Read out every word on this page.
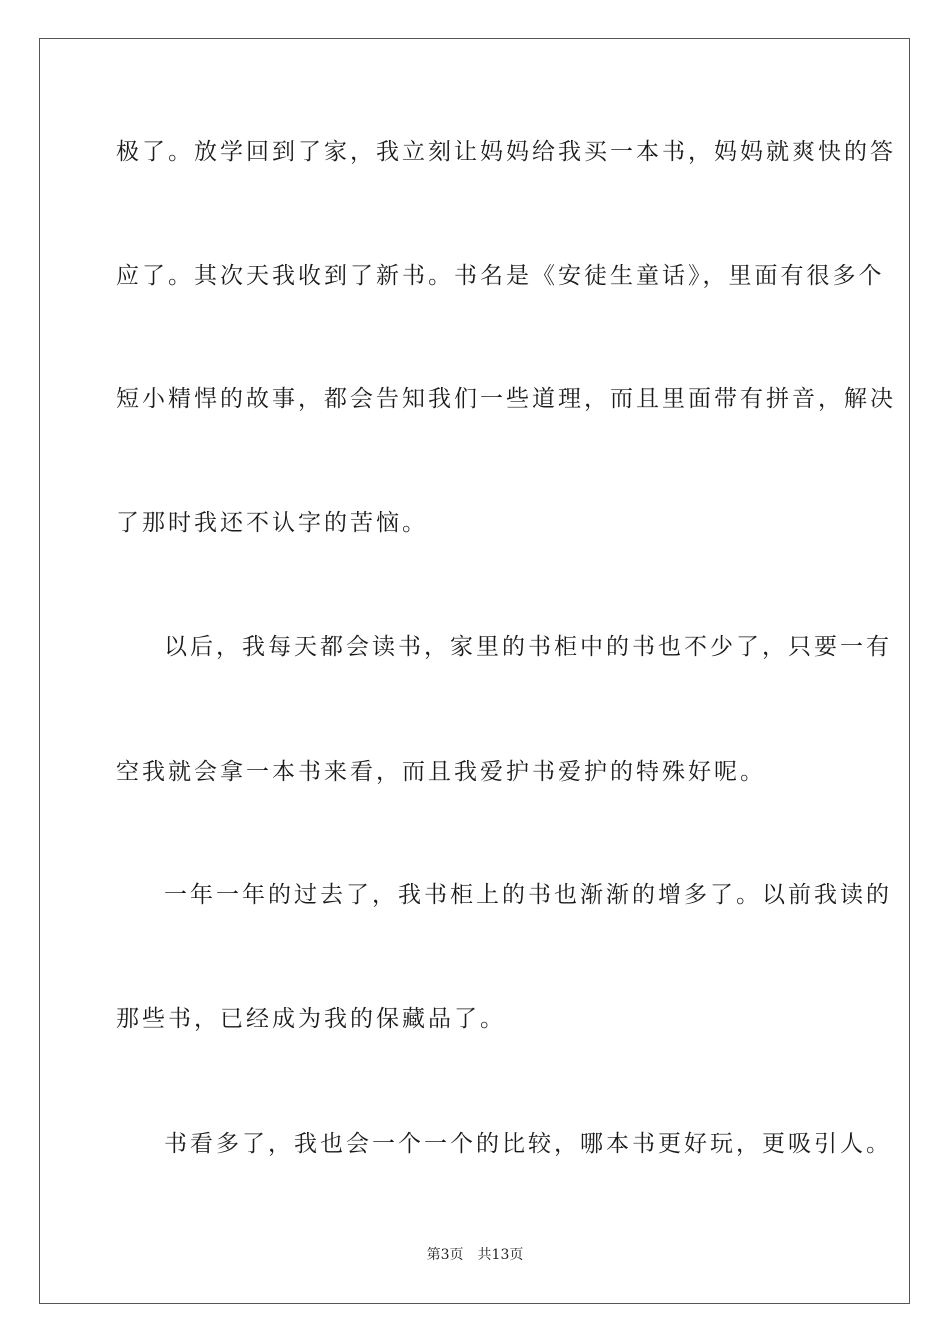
极了。放学回到了家，我立刻让妈妈给我买一本书，妈妈就爽快的答
应了。其次天我收到了新书。书名是《安徒生童话》，里面有很多个
短小精悍的故事，都会告知我们一些道理，而且里面带有拼音，解决
了那时我还不认字的苦恼。
以后，我每天都会读书，家里的书柜中的书也不少了，只要一有
空我就会拿一本书来看，而且我爱护书爱护的特殊好呢。
一年一年的过去了，我书柜上的书也渐渐的增多了。以前我读的
那些书，已经成为我的保藏品了。
书看多了，我也会一个一个的比较，哪本书更好玩，更吸引人。
第3页 共13页
